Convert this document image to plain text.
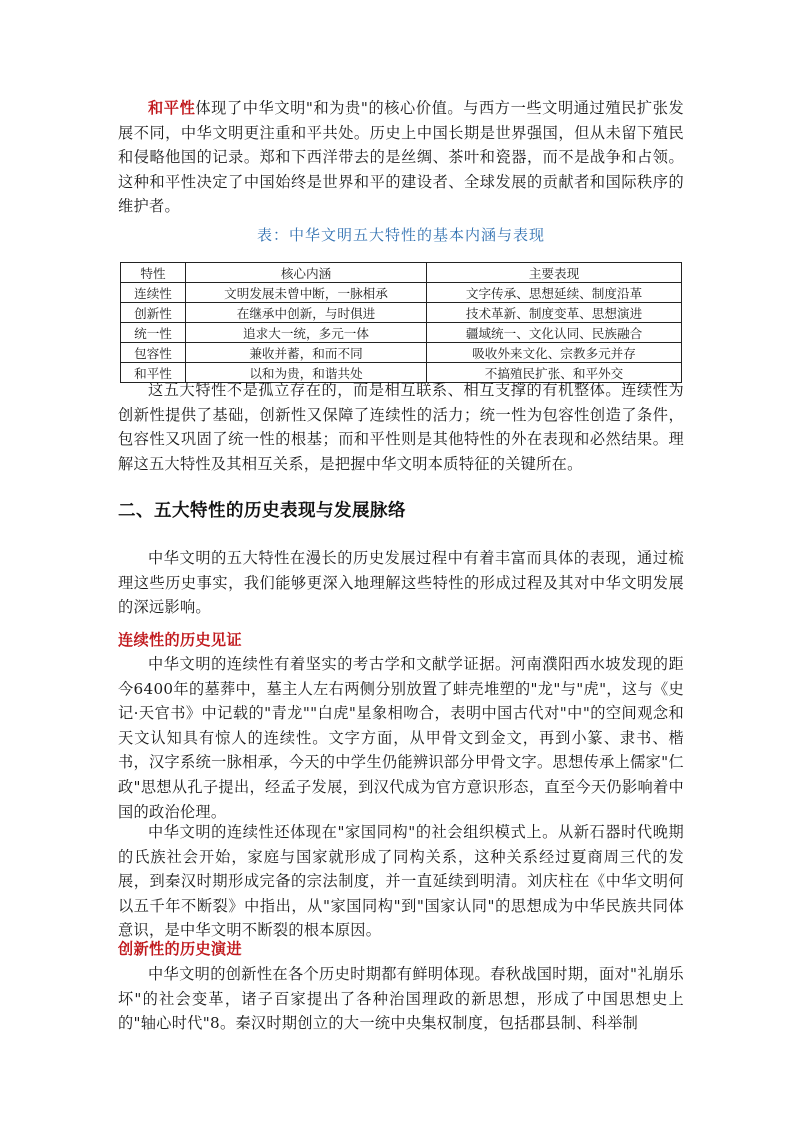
和平性体现了中华文明"和为贵"的核心价值。与西方一些文明通过殖民扩张发展不同，中华文明更注重和平共处。历史上中国长期是世界强国，但从未留下殖民和侵略他国的记录。郑和下西洋带去的是丝绸、茶叶和瓷器，而不是战争和占领。这种和平性决定了中国始终是世界和平的建设者、全球发展的贡献者和国际秩序的维护者。
表：中华文明五大特性的基本内涵与表现
特性	核心内涵	主要表现
连续性	文明发展未曾中断，一脉相承	文字传承、思想延续、制度沿革
创新性	在继承中创新，与时俱进	技术革新、制度变革、思想演进
统一性	追求大一统，多元一体	疆域统一、文化认同、民族融合
包容性	兼收并蓄，和而不同	吸收外来文化、宗教多元并存
和平性	以和为贵，和谐共处	不搞殖民扩张、和平外交
这五大特性不是孤立存在的，而是相互联系、相互支撑的有机整体。连续性为创新性提供了基础，创新性又保障了连续性的活力；统一性为包容性创造了条件，包容性又巩固了统一性的根基；而和平性则是其他特性的外在表现和必然结果。理解这五大特性及其相互关系，是把握中华文明本质特征的关键所在。
二、五大特性的历史表现与发展脉络
中华文明的五大特性在漫长的历史发展过程中有着丰富而具体的表现，通过梳理这些历史事实，我们能够更深入地理解这些特性的形成过程及其对中华文明发展的深远影响。
连续性的历史见证
中华文明的连续性有着坚实的考古学和文献学证据。河南濮阳西水坡发现的距今6400年的墓葬中，墓主人左右两侧分别放置了蚌壳堆塑的"龙"与"虎"，这与《史记·天官书》中记载的"青龙""白虎"星象相吻合，表明中国古代对"中"的空间观念和天文认知具有惊人的连续性。文字方面，从甲骨文到金文，再到小篆、隶书、楷书，汉字系统一脉相承，今天的中学生仍能辨识部分甲骨文字。思想传承上儒家"仁政"思想从孔子提出，经孟子发展，到汉代成为官方意识形态，直至今天仍影响着中国的政治伦理。
中华文明的连续性还体现在"家国同构"的社会组织模式上。从新石器时代晚期的氏族社会开始，家庭与国家就形成了同构关系，这种关系经过夏商周三代的发展，到秦汉时期形成完备的宗法制度，并一直延续到明清。刘庆柱在《中华文明何以五千年不断裂》中指出，从"家国同构"到"国家认同"的思想成为中华民族共同体意识，是中华文明不断裂的根本原因。
创新性的历史演进
中华文明的创新性在各个历史时期都有鲜明体现。春秋战国时期，面对"礼崩乐坏"的社会变革，诸子百家提出了各种治国理政的新思想，形成了中国思想史上的"轴心时代"8。秦汉时期创立的大一统中央集权制度，包括郡县制、科举制
